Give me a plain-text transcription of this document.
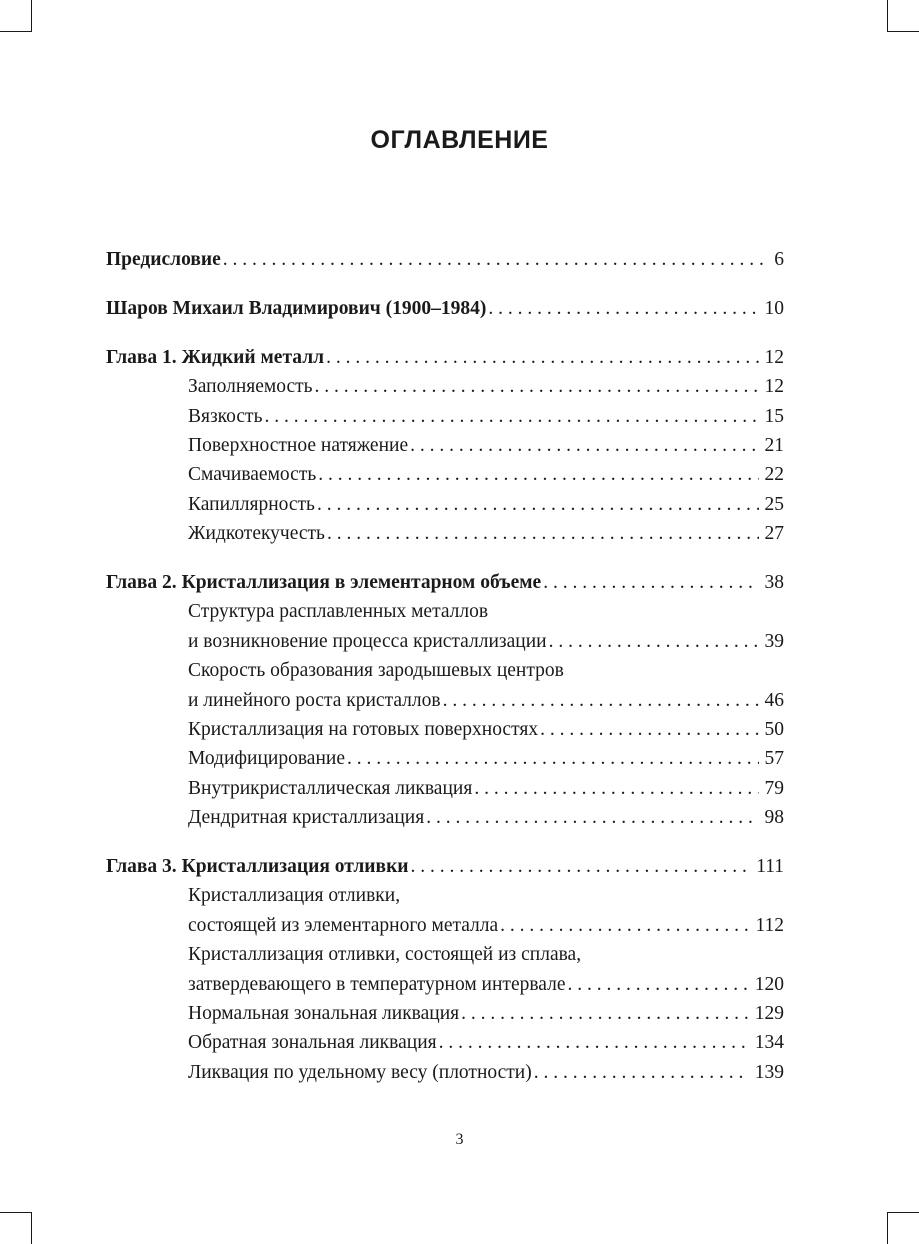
ОГЛАВЛЕНИЕ
Предисловие . . .	6
Шаров Михаил Владимирович (1900–1984) . . .	10
Глава 1. Жидкий металл . . .	12
Заполняемость . . .	12
Вязкость . . .	15
Поверхностное натяжение . . .	21
Смачиваемость . . .	22
Капиллярность . . .	25
Жидкотекучесть . . .	27
Глава 2. Кристаллизация в элементарном объеме . . .	38
Структура расплавленных металлов
и возникновение процесса кристаллизации . . .	39
Скорость образования зародышевых центров
и линейного роста кристаллов . . .	46
Кристаллизация на готовых поверхностях . . .	50
Модифицирование . . .	57
Внутрикристаллическая ликвация . . .	79
Дендритная кристаллизация . . .	98
Глава 3. Кристаллизация отливки . . .	111
Кристаллизация отливки,
состоящей из элементарного металла . . .	112
Кристаллизация отливки, состоящей из сплава,
затвердевающего в температурном интервале . . .	120
Нормальная зональная ликвация . . .	129
Обратная зональная ликвация . . .	134
Ликвация по удельному весу (плотности) . . .	139
3
